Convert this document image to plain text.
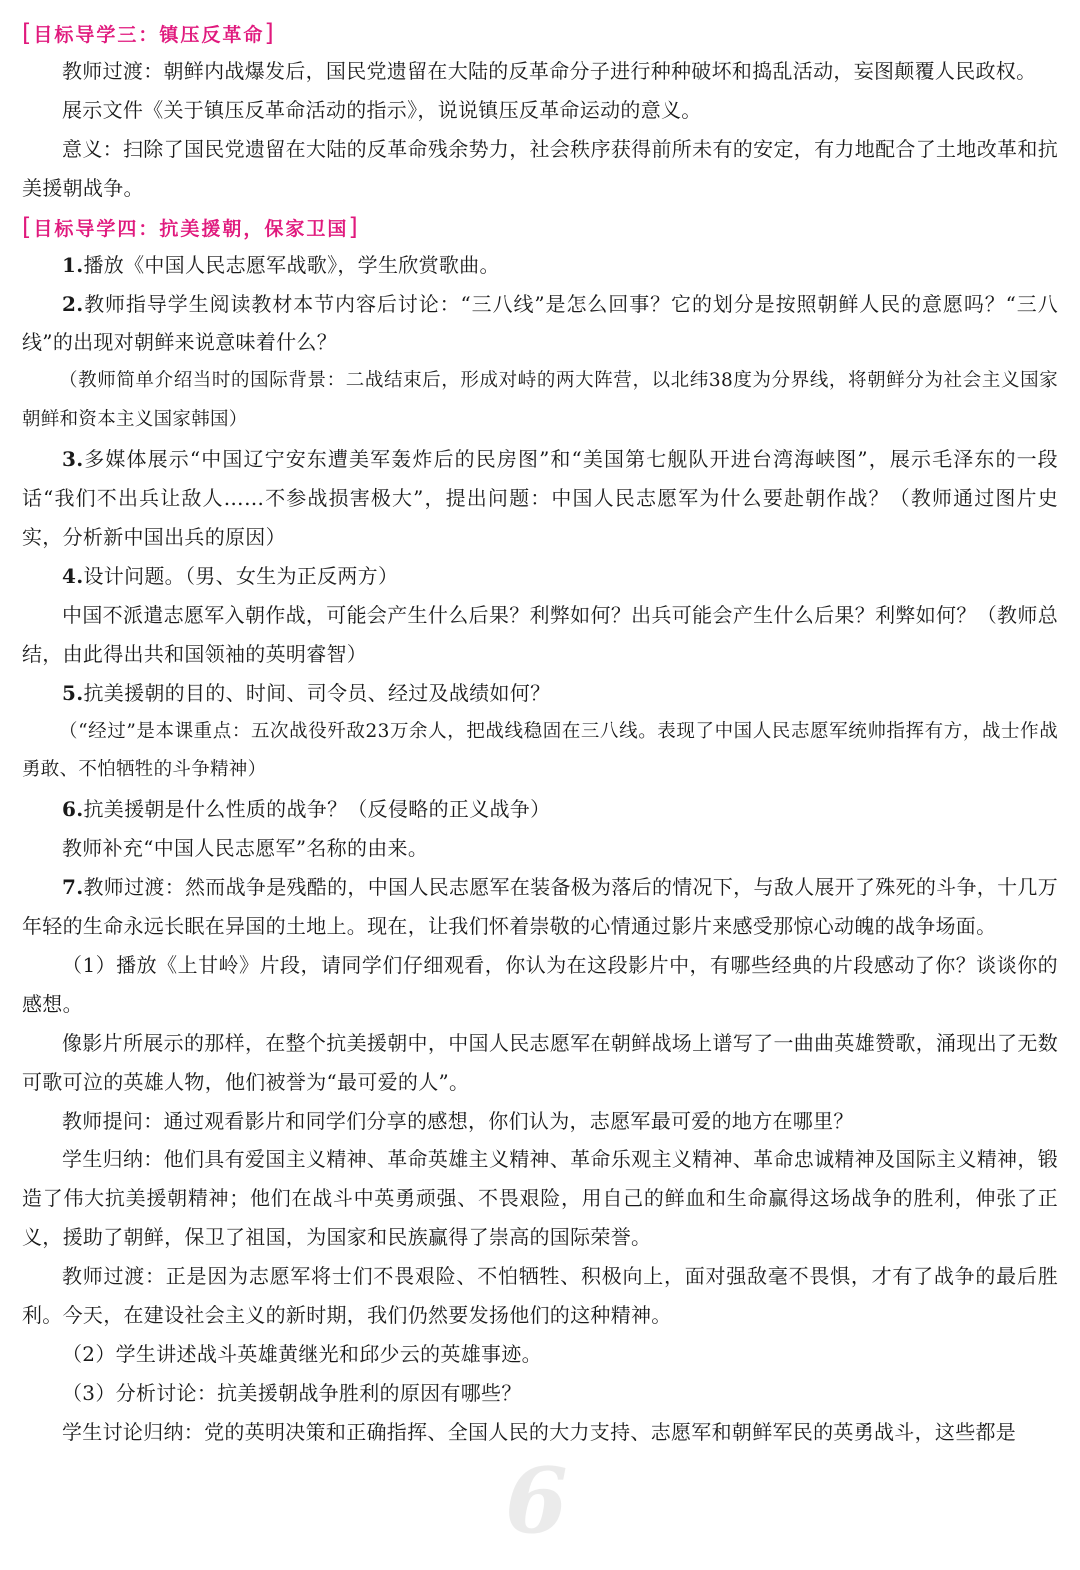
6
[目标导学三：镇压反革命]

教师过渡：朝鲜内战爆发后，国民党遗留在大陆的反革命分子进行种种破坏和捣乱活动，妄图颠覆人民政权。

展示文件《关于镇压反革命活动的指示》，说说镇压反革命运动的意义。

意义：扫除了国民党遗留在大陆的反革命残余势力，社会秩序获得前所未有的安定，有力地配合了土地改革和抗美援朝战争。

[目标导学四：抗美援朝，保家卫国]

1.播放《中国人民志愿军战歌》，学生欣赏歌曲。

2.教师指导学生阅读教材本节内容后讨论：“三八线”是怎么回事？它的划分是按照朝鲜人民的意愿吗？“三八线”的出现对朝鲜来说意味着什么？

（教师简单介绍当时的国际背景：二战结束后，形成对峙的两大阵营，以北纬38度为分界线，将朝鲜分为社会主义国家朝鲜和资本主义国家韩国）

3.多媒体展示“中国辽宁安东遭美军轰炸后的民房图”和“美国第七舰队开进台湾海峡图”，展示毛泽东的一段话“我们不出兵让敌人……不参战损害极大”，提出问题：中国人民志愿军为什么要赴朝作战？（教师通过图片史实，分析新中国出兵的原因）

4.设计问题。（男、女生为正反两方）

中国不派遣志愿军入朝作战，可能会产生什么后果？利弊如何？出兵可能会产生什么后果？利弊如何？（教师总结，由此得出共和国领袖的英明睿智）

5.抗美援朝的目的、时间、司令员、经过及战绩如何？

（“经过”是本课重点：五次战役歼敌23万余人，把战线稳固在三八线。表现了中国人民志愿军统帅指挥有方，战士作战勇敢、不怕牺牲的斗争精神）

6.抗美援朝是什么性质的战争？（反侵略的正义战争）

教师补充“中国人民志愿军”名称的由来。

7.教师过渡：然而战争是残酷的，中国人民志愿军在装备极为落后的情况下，与敌人展开了殊死的斗争，十几万年轻的生命永远长眠在异国的土地上。现在，让我们怀着崇敬的心情通过影片来感受那惊心动魄的战争场面。

（1）播放《上甘岭》片段，请同学们仔细观看，你认为在这段影片中，有哪些经典的片段感动了你？谈谈你的感想。

像影片所展示的那样，在整个抗美援朝中，中国人民志愿军在朝鲜战场上谱写了一曲曲英雄赞歌，涌现出了无数可歌可泣的英雄人物，他们被誉为“最可爱的人”。

教师提问：通过观看影片和同学们分享的感想，你们认为，志愿军最可爱的地方在哪里？

学生归纳：他们具有爱国主义精神、革命英雄主义精神、革命乐观主义精神、革命忠诚精神及国际主义精神，锻造了伟大抗美援朝精神；他们在战斗中英勇顽强、不畏艰险，用自己的鲜血和生命赢得这场战争的胜利，伸张了正义，援助了朝鲜，保卫了祖国，为国家和民族赢得了崇高的国际荣誉。

教师过渡：正是因为志愿军将士们不畏艰险、不怕牺牲、积极向上，面对强敌毫不畏惧，才有了战争的最后胜利。今天，在建设社会主义的新时期，我们仍然要发扬他们的这种精神。

（2）学生讲述战斗英雄黄继光和邱少云的英雄事迹。

（3）分析讨论：抗美援朝战争胜利的原因有哪些？

学生讨论归纳：党的英明决策和正确指挥、全国人民的大力支持、志愿军和朝鲜军民的英勇战斗，这些都是
